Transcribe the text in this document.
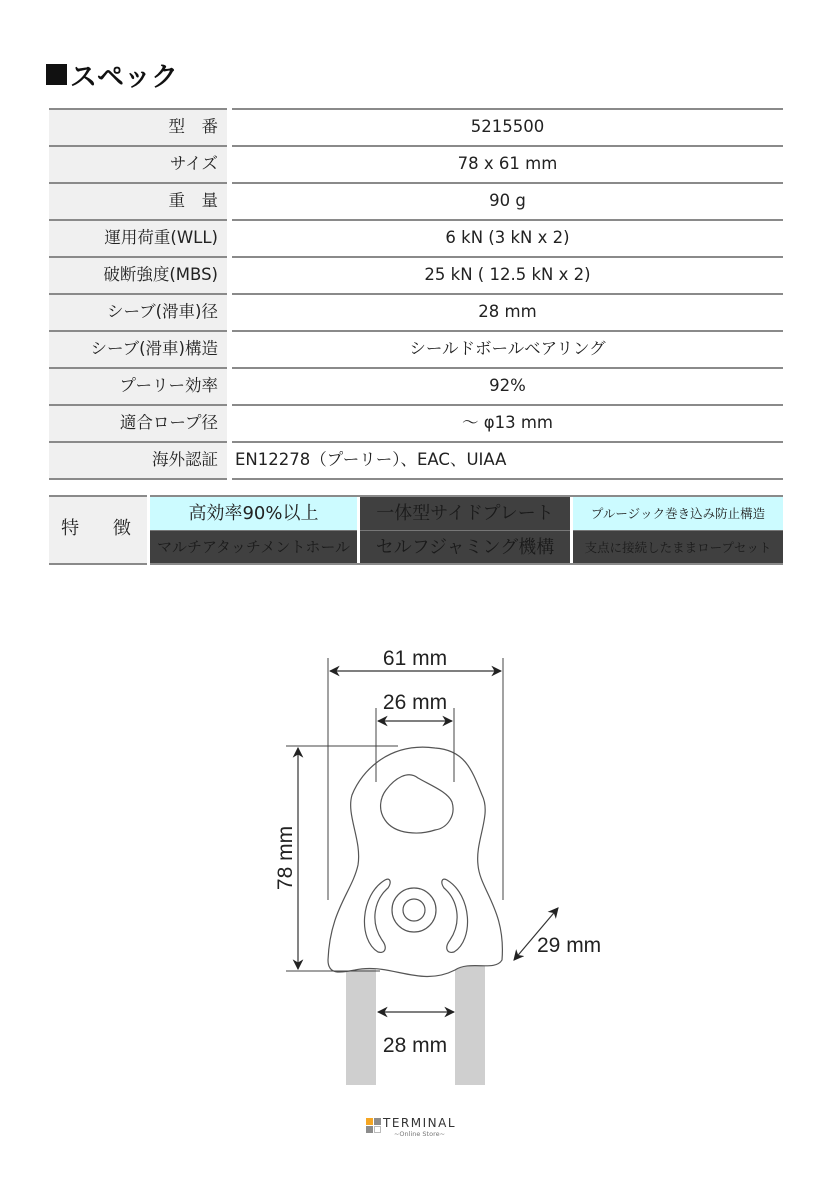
スペック
型　番	5215500
サイズ	78 x 61 mm
重　量	90 g
運用荷重(WLL)	6 kN (3 kN x 2)
破断強度(MBS)	25 kN ( 12.5 kN x 2)
シーブ(滑車)径	28 mm
シーブ(滑車)構造	シールドボールベアリング
プーリー効率	92%
適合ロープ径	～ φ13 mm
海外認証	EN12278（プーリー）、EAC、UIAA
特 徴
高効率90%以上	一体型サイドプレート	プルージック巻き込み防止構造
マルチアタッチメントホール	セルフジャミング機構	支点に接続したままロープセット
61 mm
26 mm
78 mm
29 mm
28 mm
TERMINAL
~Online Store~
